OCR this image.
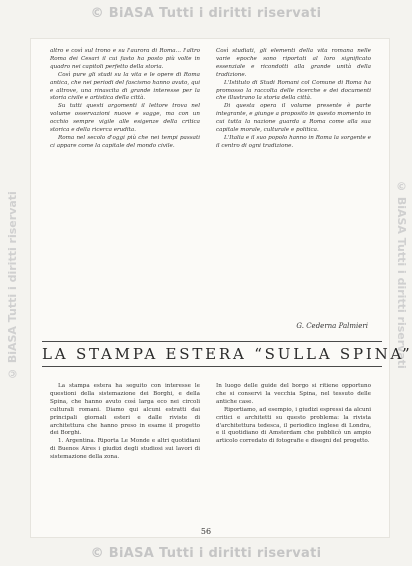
© BiASA Tutti i diritti riservati
© BiASA Tutti i diritti riservati	© BiASA Tutti i diritti riservati

altro e così sul trono e su l'aurora di Roma... l'altro Roma dei Cesari il cui fasto ha posto più volte in quadro nei capitoli perfetto della storia.

Così pure gli studi su la vita e le opere di Roma antica, che nei periodi del fascismo hanno avuto, qui e altrove, una rinascita di grande interesse per la storia civile e artistica della città.

Su tutti questi argomenti il lettore trova nel volume osservazioni nuove e sagge, ma con un occhio sempre vigile alle esigenze della critica storica e della ricerca erudita.

Roma nel secolo d'oggi più che nei tempi passati ci appare come la capitale del mondo civile.

Così studiati, gli elementi della vita romana nelle varie epoche sono riportati al loro significato essenziale e ricondotti alla grande unità della tradizione.

L'Istituto di Studi Romani col Comune di Roma ha promosso la raccolta delle ricerche e dei documenti che illustrano la storia della città.

Di questa opera il volume presente è parte integrante, e giunge a proposito in questo momento in cui tutta la nazione guarda a Roma come alla sua capitale morale, culturale e politica.

L'Italia e il suo popolo hanno in Roma la sorgente e il centro di ogni tradizione.

G. Cederna Palmieri
LA STAMPA ESTERA “SULLA SPINA”

La stampa estera ha seguito con interesse le questioni della sistemazione dei Borghi, e della Spina, che hanno avuto così larga eco nei circoli culturali romani. Diamo qui alcuni estratti dai principali giornali esteri e dalle riviste di architettura che hanno preso in esame il progetto dei Borghi.

1. Argentina. Riporta Le Monde e altri quotidiani di Buenos Aires i giudizi degli studiosi sui lavori di sistemazione della zona.

In luogo delle guide del borgo si ritiene opportuno che si conservi la vecchia Spina, nel tessuto delle antiche case.

Riportiamo, ad esempio, i giudizi espressi da alcuni critici e architetti su questo problema: la rivista d'architettura tedesca, il periodico inglese di Londra, e il quotidiano di Amsterdam che pubblicò un ampio articolo corredato di fotografie e disegni del progetto.

56
© BiASA Tutti i diritti riservati
